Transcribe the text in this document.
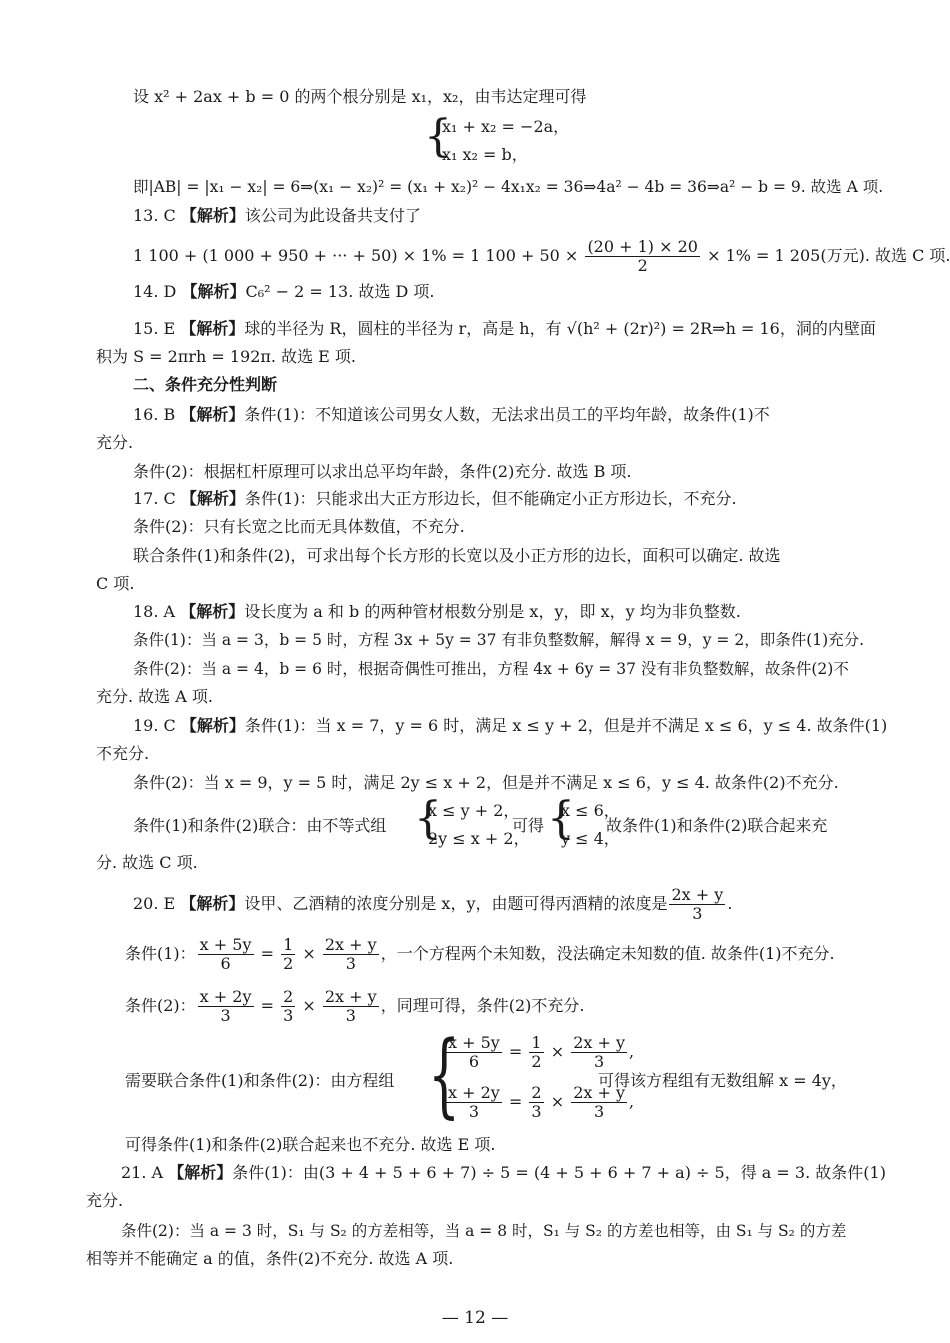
设 x² + 2ax + b = 0 的两个根分别是 x₁，x₂，由韦达定理可得
{
x₁ + x₂ = −2a，
x₁ x₂ = b，
即|AB| = |x₁ − x₂| = 6⇒(x₁ − x₂)² = (x₁ + x₂)² − 4x₁x₂ = 36⇒4a² − 4b = 36⇒a² − b = 9. 故选 A 项.
13. C 【解析】该公司为此设备共支付了
1 100 + (1 000 + 950 + ··· + 50) × 1% = 1 $100 + 50 \times \frac{(20 + 1) \times 20}{2} \times 1\% = 1$ 205(万元). 故选 C 项.
14. D 【解析】C₆² − 2 = 13. 故选 D 项.
15. E 【解析】球的半径为 R，圆柱的半径为 r，高是 h，有 √(h² + (2r)²) = 2R⇒h = 16，洞的内壁面
积为 S = 2πrh = 192π. 故选 E 项.
二、条件充分性判断
16. B 【解析】条件(1)：不知道该公司男女人数，无法求出员工的平均年龄，故条件(1)不
充分.
条件(2)：根据杠杆原理可以求出总平均年龄，条件(2)充分. 故选 B 项.
17. C 【解析】条件(1)：只能求出大正方形边长，但不能确定小正方形边长，不充分.
条件(2)：只有长宽之比而无具体数值，不充分.
联合条件(1)和条件(2)，可求出每个长方形的长宽以及小正方形的边长，面积可以确定. 故选
C 项.
18. A 【解析】设长度为 a 和 b 的两种管材根数分别是 x，y，即 x，y 均为非负整数.
条件(1)：当 a = 3，b = 5 时，方程 3x + 5y = 37 有非负整数解，解得 x = 9，y = 2，即条件(1)充分.
条件(2)：当 a = 4，b = 6 时，根据奇偶性可推出，方程 4x + 6y = 37 没有非负整数解，故条件(2)不
充分. 故选 A 项.
19. C 【解析】条件(1)：当 x = 7，y = 6 时，满足 x ≤ y + 2，但是并不满足 x ≤ 6，y ≤ 4. 故条件(1)
不充分.
条件(2)：当 x = 9，y = 5 时，满足 2y ≤ x + 2，但是并不满足 x ≤ 6，y ≤ 4. 故条件(2)不充分.
条件(1)和条件(2)联合：由不等式组 {
x ≤ y + 2，
2y ≤ x + 2，
可得 {
x ≤ 6，
y ≤ 4，
故条件(1)和条件(2)联合起来充
分. 故选 C 项.
20. E 【解析】设甲、乙酒精的浓度分别是 x，y，由题可得丙酒精的浓度是 $\frac{2x + y}{3}$ .
条件(1)： $\frac{x + 5y}{6} = \frac{1}{2} \times \frac{2x + y}{3}$ ，一个方程两个未知数，没法确定未知数的值. 故条件(1)不充分.
条件(2)： $\frac{x + 2y}{3} = \frac{2}{3} \times \frac{2x + y}{3}$ ，同理可得，条件(2)不充分.
需要联合条件(1)和条件(2)：由方程组 {
$\frac{x + 5y}{6} = \frac{1}{2} \times \frac{2x + y}{3}$ ,
$\frac{x + 2y}{3} = \frac{2}{3} \times \frac{2x + y}{3}$ ,
可得该方程组有无数组解 x = 4y，
可得条件(1)和条件(2)联合起来也不充分. 故选 E 项.
21. A 【解析】条件(1)：由(3 + 4 + 5 + 6 + 7) ÷ 5 = (4 + 5 + 6 + 7 + a) ÷ 5，得 a = 3. 故条件(1)
充分.
条件(2)：当 a = 3 时，S₁ 与 S₂ 的方差相等，当 a = 8 时，S₁ 与 S₂ 的方差也相等，由 S₁ 与 S₂ 的方差
相等并不能确定 a 的值，条件(2)不充分. 故选 A 项.
— 12 —
